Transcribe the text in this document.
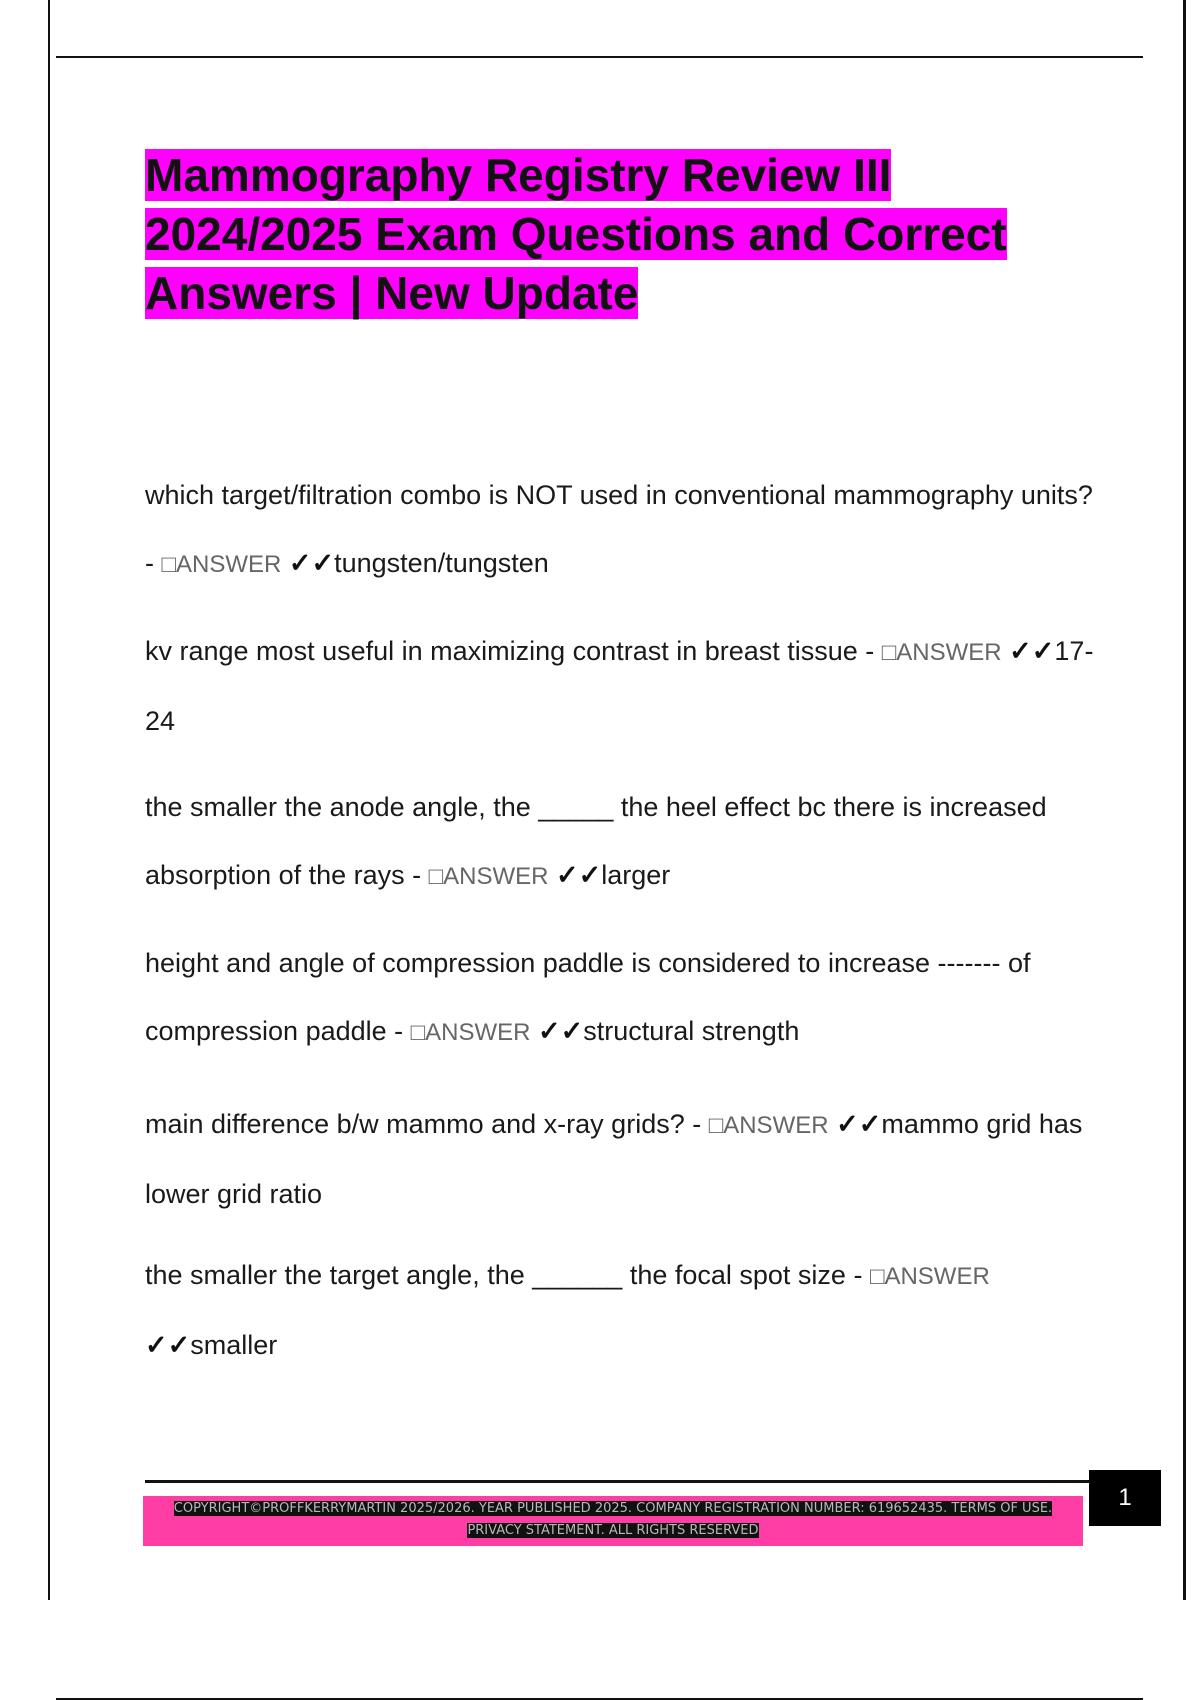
Mammography Registry Review III
2024/2025 Exam Questions and Correct
Answers | New Update

which target/filtration combo is NOT used in conventional mammography units? - □ANSWER ✓✓tungsten/tungsten

kv range most useful in maximizing contrast in breast tissue - □ANSWER ✓✓17-24

the smaller the anode angle, the _____ the heel effect bc there is increased absorption of the rays - □ANSWER ✓✓larger

height and angle of compression paddle is considered to increase ------- of compression paddle - □ANSWER ✓✓structural strength

main difference b/w mammo and x-ray grids? - □ANSWER ✓✓mammo grid has lower grid ratio

the smaller the target angle, the ______ the focal spot size - □ANSWER ✓✓smaller

COPYRIGHT©PROFFKERRYMARTIN 2025/2026. YEAR PUBLISHED 2025. COMPANY REGISTRATION NUMBER: 619652435. TERMS OF USE.
PRIVACY STATEMENT. ALL RIGHTS RESERVED
1
